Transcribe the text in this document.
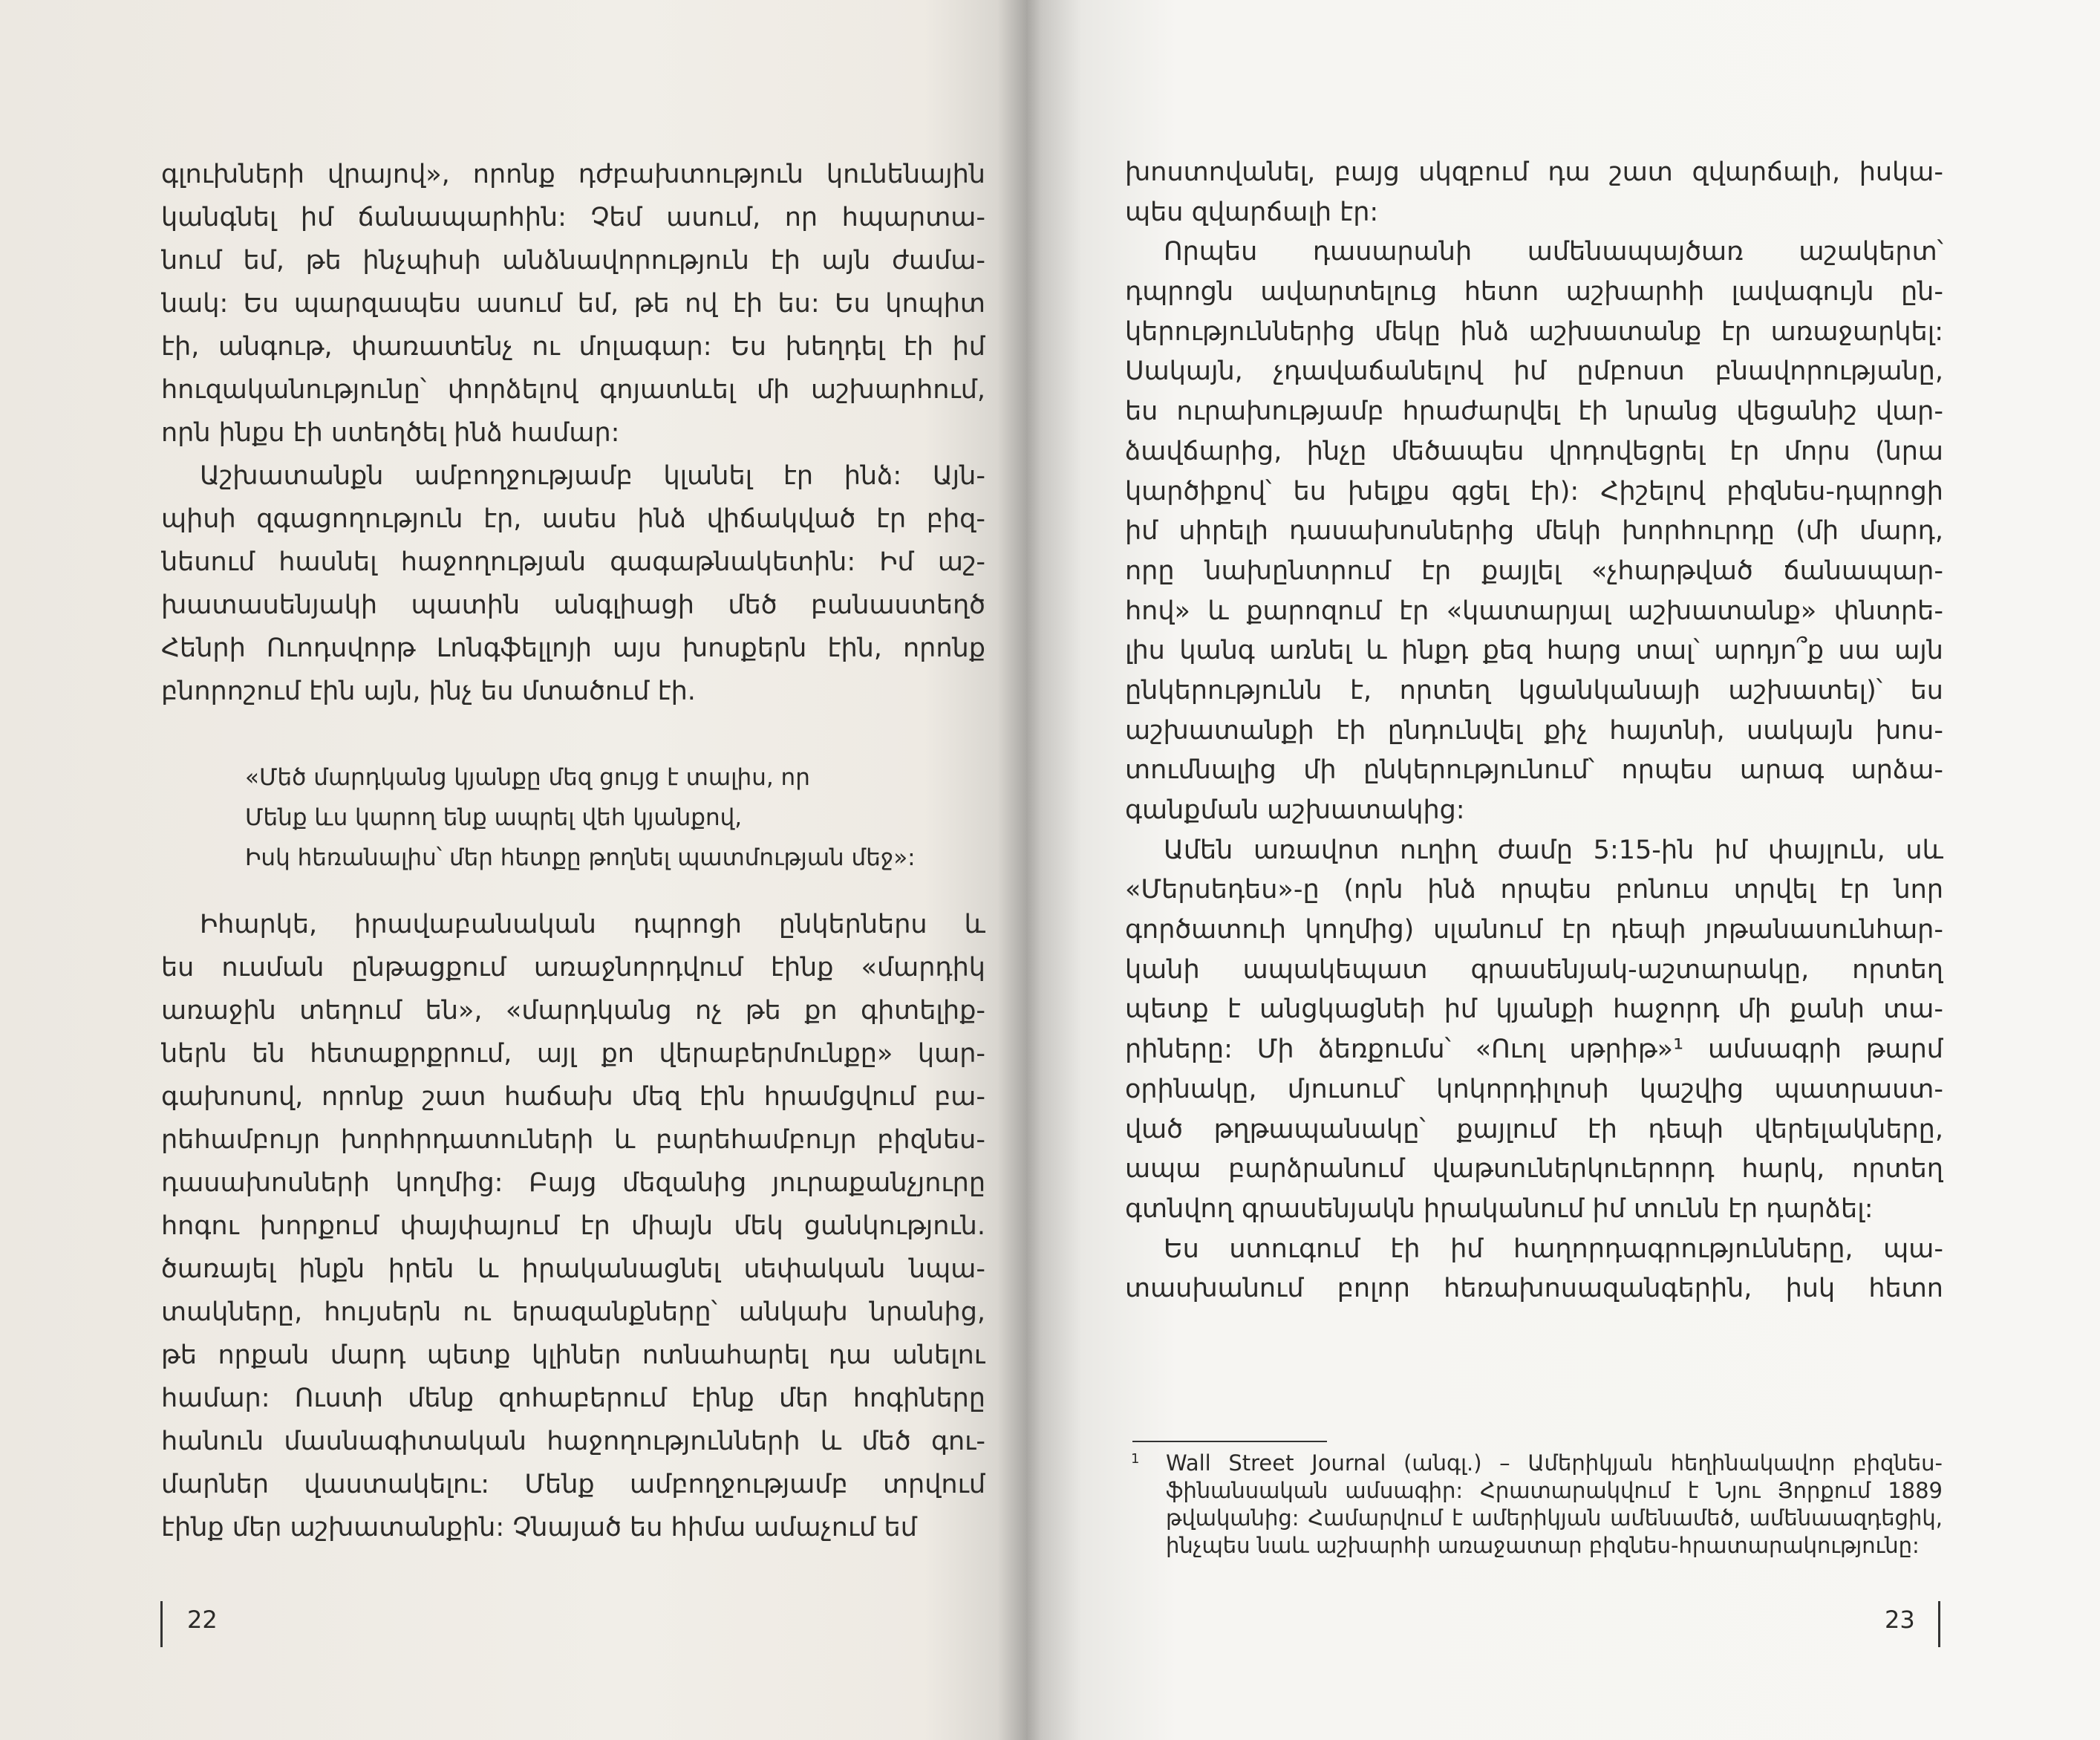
գլուխների վրայով», որոնք դժբախտություն կունենային
կանգնել իմ ճանապարհին: Չեմ ասում, որ հպարտա-
նում եմ, թե ինչպիսի անձնավորություն էի այն ժամա-
նակ: Ես պարզապես ասում եմ, թե ով էի ես: Ես կոպիտ
էի, անգութ, փառատենչ ու մոլագար: Ես խեղդել էի իմ
հուզականությունը՝ փորձելով գոյատևել մի աշխարհում,
որն ինքս էի ստեղծել ինձ համար:
Աշխատանքն ամբողջությամբ կլանել էր ինձ: Այն-
պիսի զգացողություն էր, ասես ինձ վիճակված էր բիզ-
նեսում հասնել հաջողության գագաթնակետին: Իմ աշ-
խատասենյակի պատին անգլիացի մեծ բանաստեղծ
Հենրի Ուոդսվորթ Լոնգֆելլոյի այս խոսքերն էին, որոնք
բնորոշում էին այն, ինչ ես մտածում էի.
«Մեծ մարդկանց կյանքը մեզ ցույց է տալիս, որ
Մենք ևս կարող ենք ապրել վեհ կյանքով,
Իսկ հեռանալիս՝ մեր հետքը թողնել պատմության մեջ»:
Իհարկե, իրավաբանական դպրոցի ընկերներս և
ես ուսման ընթացքում առաջնորդվում էինք «մարդիկ
առաջին տեղում են», «մարդկանց ոչ թե քո գիտելիք-
ներն են հետաքրքրում, այլ քո վերաբերմունքը» կար-
գախոսով, որոնք շատ հաճախ մեզ էին հրամցվում բա-
րեհամբույր խորհրդատուների և բարեհամբույր բիզնես-
դասախոսների կողմից: Բայց մեզանից յուրաքանչյուրը
հոգու խորքում փայփայում էր միայն մեկ ցանկություն.
ծառայել ինքն իրեն և իրականացնել սեփական նպա-
տակները, հույսերն ու երազանքները՝ անկախ նրանից,
թե որքան մարդ պետք կլիներ ոտնահարել դա անելու
համար: Ուստի մենք զոհաբերում էինք մեր հոգիները
հանուն մասնագիտական հաջողությունների և մեծ գու-
մարներ վաստակելու: Մենք ամբողջությամբ տրվում
էինք մեր աշխատանքին: Չնայած ես հիմա ամաչում եմ
խոստովանել, բայց սկզբում դա շատ զվարճալի, իսկա-
պես զվարճալի էր:
Որպես դասարանի ամենապայծառ աշակերտ՝
դպրոցն ավարտելուց հետո աշխարհի լավագույն ըն-
կերություններից մեկը ինձ աշխատանք էր առաջարկել:
Սակայն, չդավաճանելով իմ ըմբոստ բնավորությանը,
ես ուրախությամբ հրաժարվել էի նրանց վեցանիշ վար-
ձավճարից, ինչը մեծապես վրդովեցրել էր մորս (նրա
կարծիքով՝ ես խելքս գցել էի): Հիշելով բիզնես-դպրոցի
իմ սիրելի դասախոսներից մեկի խորհուրդը (մի մարդ,
որը նախընտրում էր քայլել «չհարթված ճանապար-
հով» և քարոզում էր «կատարյալ աշխատանք» փնտրե-
լիս կանգ առնել և ինքդ քեզ հարց տալ՝ արդյո՞ք սա այն
ընկերությունն է, որտեղ կցանկանայի աշխատել)՝ ես
աշխատանքի էի ընդունվել քիչ հայտնի, սակայն խոս-
տումնալից մի ընկերությունում՝ որպես արագ արձա-
գանքման աշխատակից:
Ամեն առավոտ ուղիղ ժամը 5:15-ին իմ փայլուն, սև
«Մերսեդես»-ը (որն ինձ որպես բոնուս տրվել էր նոր
գործատուի կողմից) սլանում էր դեպի յոթանասունհար-
կանի ապակեպատ գրասենյակ-աշտարակը, որտեղ
պետք է անցկացնեի իմ կյանքի հաջորդ մի քանի տա-
րիները: Մի ձեռքումս՝ «Ուոլ սթրիթ»¹ ամսագրի թարմ
օրինակը, մյուսում՝ կոկորդիլոսի կաշվից պատրաստ-
ված թղթապանակը՝ քայլում էի դեպի վերելակները,
ապա բարձրանում վաթսուներկուերորդ հարկ, որտեղ
գտնվող գրասենյակն իրականում իմ տունն էր դարձել:
Ես ստուգում էի իմ հաղորդագրությունները, պա-
տասխանում բոլոր հեռախոսազանգերին, իսկ հետո
1 Wall Street Journal (անգլ.) – Ամերիկյան հեղինակավոր բիզնես-
ֆինանսական ամսագիր: Հրատարակվում է Նյու Յորքում 1889
թվականից: Համարվում է ամերիկյան ամենամեծ, ամենաազդեցիկ,
ինչպես նաև աշխարհի առաջատար բիզնես-հրատարակությունը:
22	23
